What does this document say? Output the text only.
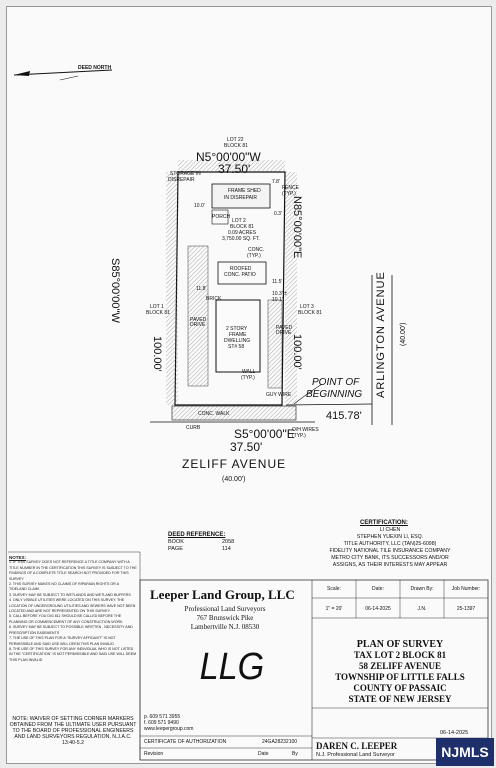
DEED NORTH
LOT 22
BLOCK 81
N5°00'00"W
37.50'
STORAGE IN
DISREPAIR
FRAME SHED
IN DISREPAIR
FENCE
(TYP.)
PORCH
LOT 2
BLOCK 81
0.09 ACRES
3,750.00 SQ. FT.
CONC.
(TYP.)
ROOFED
CONC. PATIO
BRICK
LOT 1
BLOCK 81
LOT 3
BLOCK 81
PAVED DRIVE	PAVED DRIVE
2 STORY
FRAME
DWELLING
ST# 58
WALL
(TYP.)
GUY WIRE
CONC. WALK
CURB	O/H WIRES
(TYP.)
POINT OF
BEGINNING
415.78'
S5°00'00"E
37.50'
ZELIFF AVENUE
(40.00')
S85°00'00"W
100.00'
N85°00'00"E
100.00'	ARLINGTON AVENUE (40.00')
7.8'
0.3'
10.0'
11.8'
10.3' ±
11.5'
10.1'
DEED REFERENCE:
BOOK	2058
PAGE	114
CERTIFICATION:
LI CHEN
STEPHEN YUEXIN LI, ESQ.
TITLE AUTHORITY, LLC (TAN)25-6098)
FIDELITY NATIONAL TILE INSURANCE COMPANY
METRO CITY BANK, ITS SUCCESSORS AND/OR
ASSIGNS, AS THEIR INTERESTS MAY APPEAR
NOTES:
1. IF THIS SURVEY DOES NOT REFERENCE A TITLE COMPANY WITH A TITLE NUMBER IN THE CERTIFICATION THIS SURVEY IS SUBJECT TO THE FINDINGS OF A COMPLETE TITLE SEARCH NOT PROVIDED FOR THIS SURVEY
2. THIS SURVEY MAKES NO CLAIMS OF RIPARIAN RIGHTS OR A TIDELAND CLAIM
3. SURVEY MAY BE SUBJECT TO WETLANDS AND WETLAND BUFFERS
4. ONLY VISIBLE UTILITIES WERE LOCATED ON THIS SURVEY. THE LOCATION OF UNDERGROUND UTILITIES AND SEWERS HAVE NOT BEEN LOCATED AND ARE NOT REPRESENTED ON THIS SURVEY
5. CALL BEFORE YOU DIG 811 SHOULD BE CALLED BEFORE THE PLANNING OR COMMENCEMENT OF ANY CONSTRUCTION WORK
6. SURVEY MAY BE SUBJECT TO POSSIBLE WRITTEN , NECESSITY AND PRESCRIPTION EASEMENTS
7. THE USE OF THIS PLAN FOR A "SURVEY AFFIDAVIT" IS NOT PERMISSIBLE AND SAID USE WILL DEEM THIS PLAN INVALID
8. THE USE OF THIS SURVEY FOR ANY INDIVIDUAL WHO IS NOT LISTED IN THE "CERTIFICATION" IS NOT PERMISSIBLE AND SAID USE WILL DEEM THIS PLAN INVALID
NOTE: WAIVER OF SETTING CORNER MARKERS OBTAINED FROM THE ULTIMATE USER PURSUANT TO THE BOARD OF PROFESSIONAL ENGINEERS AND LAND SURVEYORS REGULATION, N.J.A.C. 13:40-5.2
Leeper Land Group, LLC
Professional Land Surveyors
767 Brunswick Pike
Lambertville N.J. 08530
LLG
p. 609 571 3955
f. 609 571 9490
www.leepergroup.com
CERTIFICATE OF AUTHORIZATION	24GA28232100
Revision	Date	By
Scale:	Date:	Drawn By:	Job Number:
1" = 20'	06-14-2025	J.N.	25-1397
PLAN OF SURVEY
TAX LOT 2 BLOCK 81
58 ZELIFF AVENUE
TOWNSHIP OF LITTLE FALLS
COUNTY OF PASSAIC
STATE OF NEW JERSEY
06-14-2025
DAREN C. LEEPER
N.J. Professional Land Surveyor	NJMLS
